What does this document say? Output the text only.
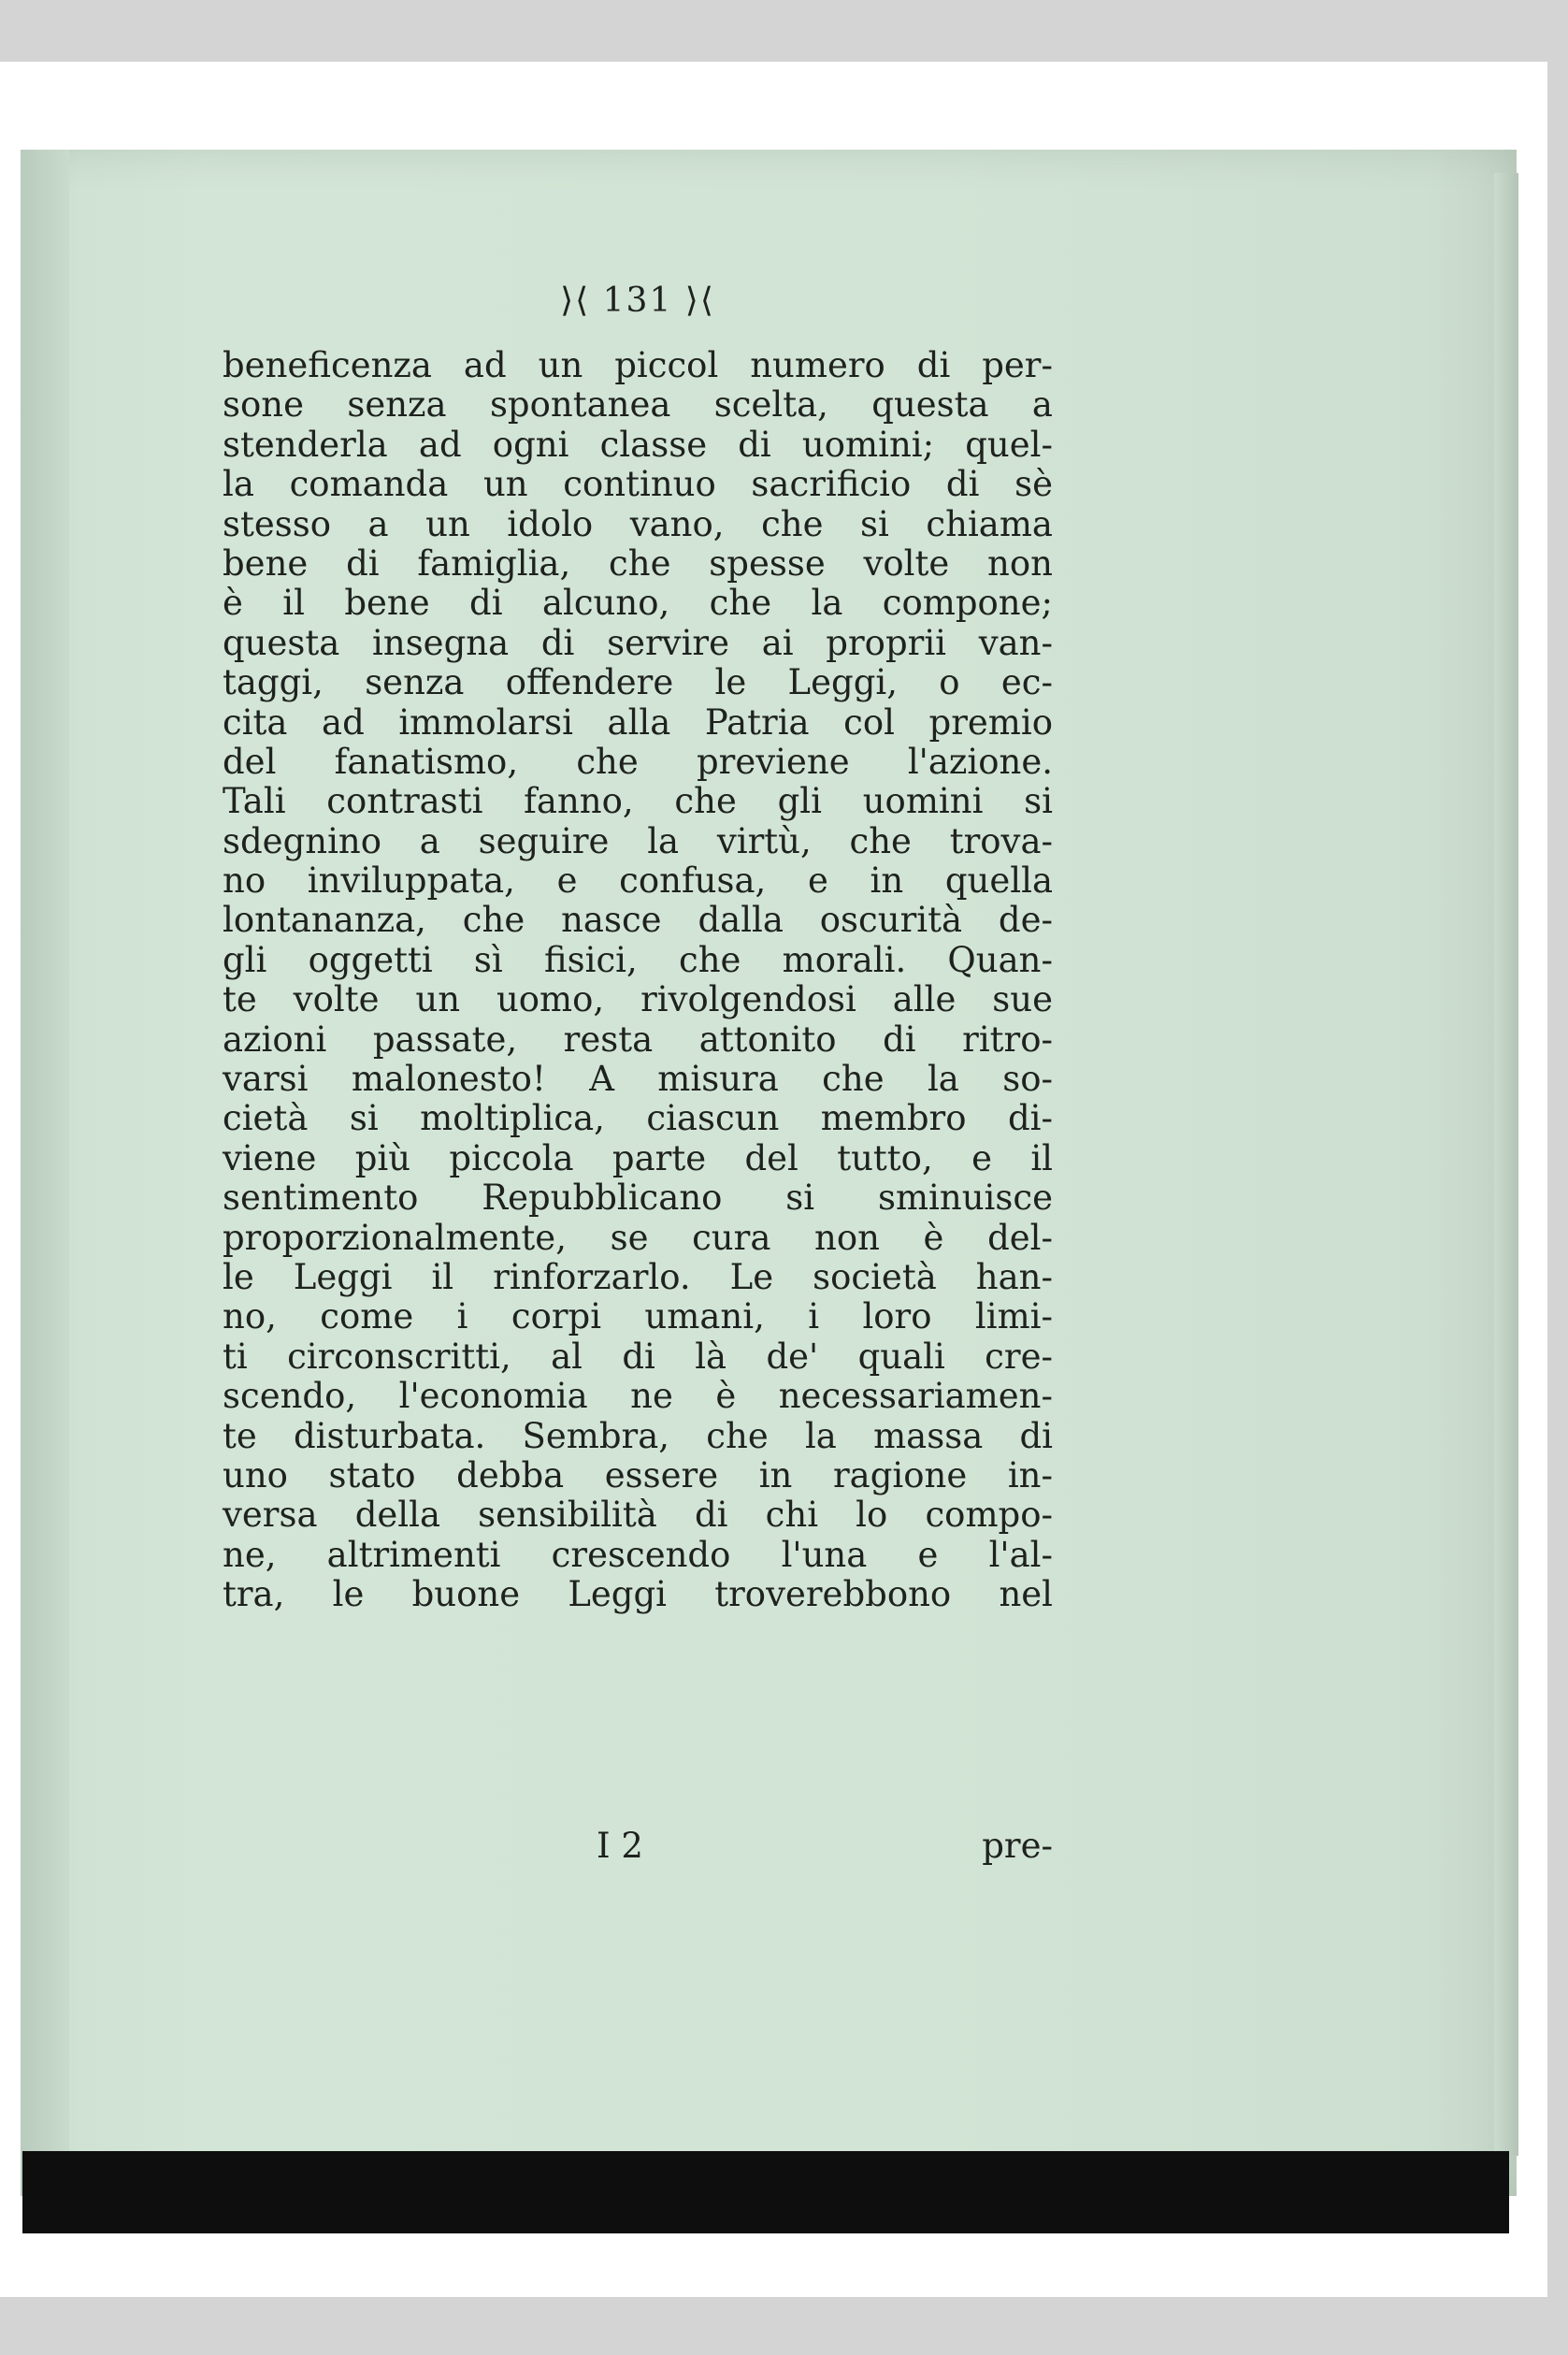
⟩⟨ 131 ⟩⟨
beneficenza ad un piccol numero di per-
sone senza spontanea scelta, questa a
stenderla ad ogni classe di uomini; quel-
la comanda un continuo sacrificio di sè
stesso a un idolo vano, che si chiama
bene di famiglia, che spesse volte non
è il bene di alcuno, che la compone;
questa insegna di servire ai proprii van-
taggi, senza offendere le Leggi, o ec-
cita ad immolarsi alla Patria col premio
del fanatismo, che previene l'azione.
Tali contrasti fanno, che gli uomini si
sdegnino a seguire la virtù, che trova-
no inviluppata, e confusa, e in quella
lontananza, che nasce dalla oscurità de-
gli oggetti sì fisici, che morali. Quan-
te volte un uomo, rivolgendosi alle sue
azioni passate, resta attonito di ritro-
varsi malonesto! A misura che la so-
cietà si moltiplica, ciascun membro di-
viene più piccola parte del tutto, e il
sentimento Repubblicano si sminuisce
proporzionalmente, se cura non è del-
le Leggi il rinforzarlo. Le società han-
no, come i corpi umani, i loro limi-
ti circonscritti, al di là de' quali cre-
scendo, l'economia ne è necessariamen-
te disturbata. Sembra, che la massa di
uno stato debba essere in ragione in-
versa della sensibilità di chi lo compo-
ne, altrimenti crescendo l'una e l'al-
tra, le buone Leggi troverebbono nel
I 2	pre-
